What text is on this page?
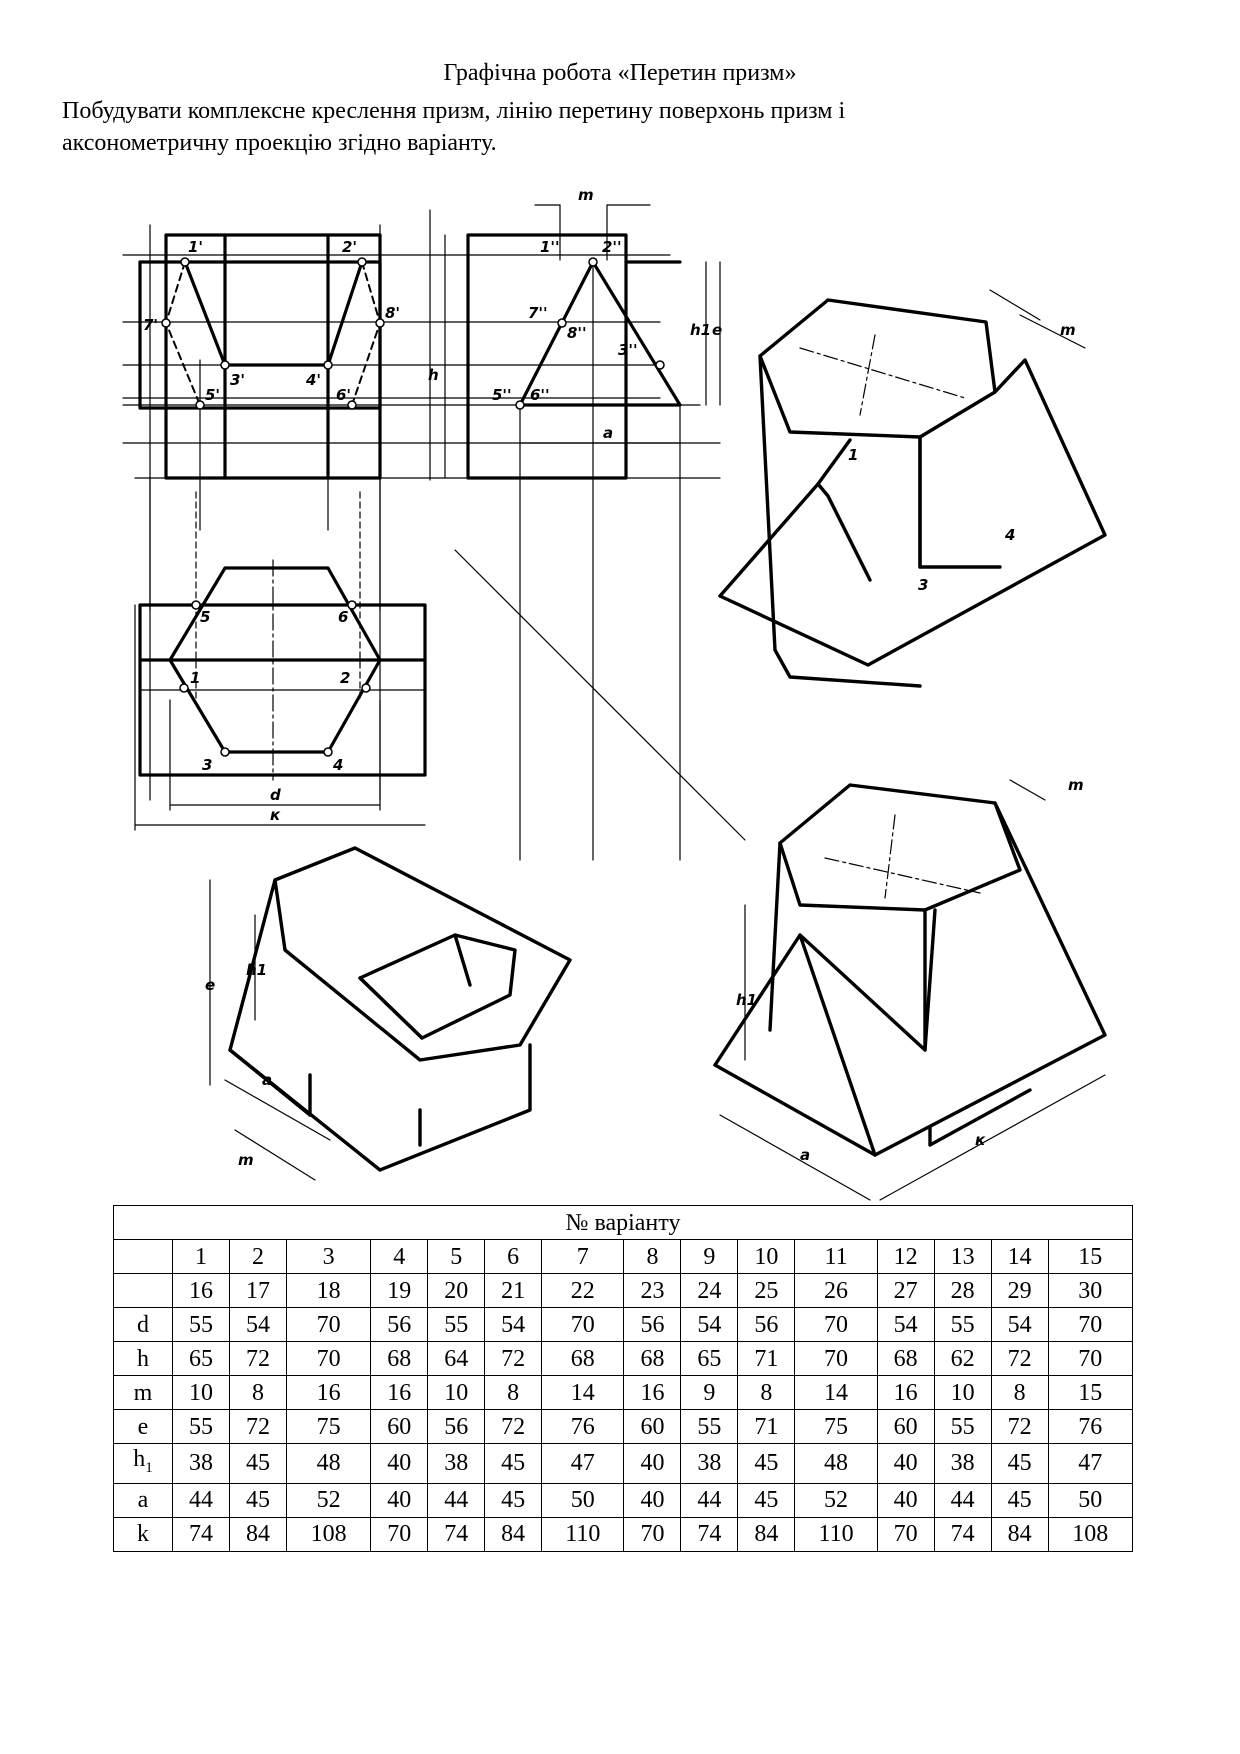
Графічна робота «Перетин призм»

Побудувати комплексне креслення призм, лінію перетину поверхонь призм і

аксонометричну проекцію згідно варіанту.

1'	2'
7'
8'
3'	4'
5'	6'
1''	2''
7''
8''
3''
5'' 6''
h
h1 e
a
m
5	6
1	2
3	4
d
к
m
1
3
4
e
h1
a
m
m
h1
a
к
№ варіанту															
	1	2	3	4	5	6	7	8	9	10	11	12	13	14	15
	16	17	18	19	20	21	22	23	24	25	26	27	28	29	30
d	55	54	70	56	55	54	70	56	54	56	70	54	55	54	70
h	65	72	70	68	64	72	68	68	65	71	70	68	62	72	70
m	10	8	16	16	10	8	14	16	9	8	14	16	10	8	15
e	55	72	75	60	56	72	76	60	55	71	75	60	55	72	76
$h_1$	38	45	48	40	38	45	47	40	38	45	48	40	38	45	47
a	44	45	52	40	44	45	50	40	44	45	52	40	44	45	50
k	74	84	108	70	74	84	110	70	74	84	110	70	74	84	108
